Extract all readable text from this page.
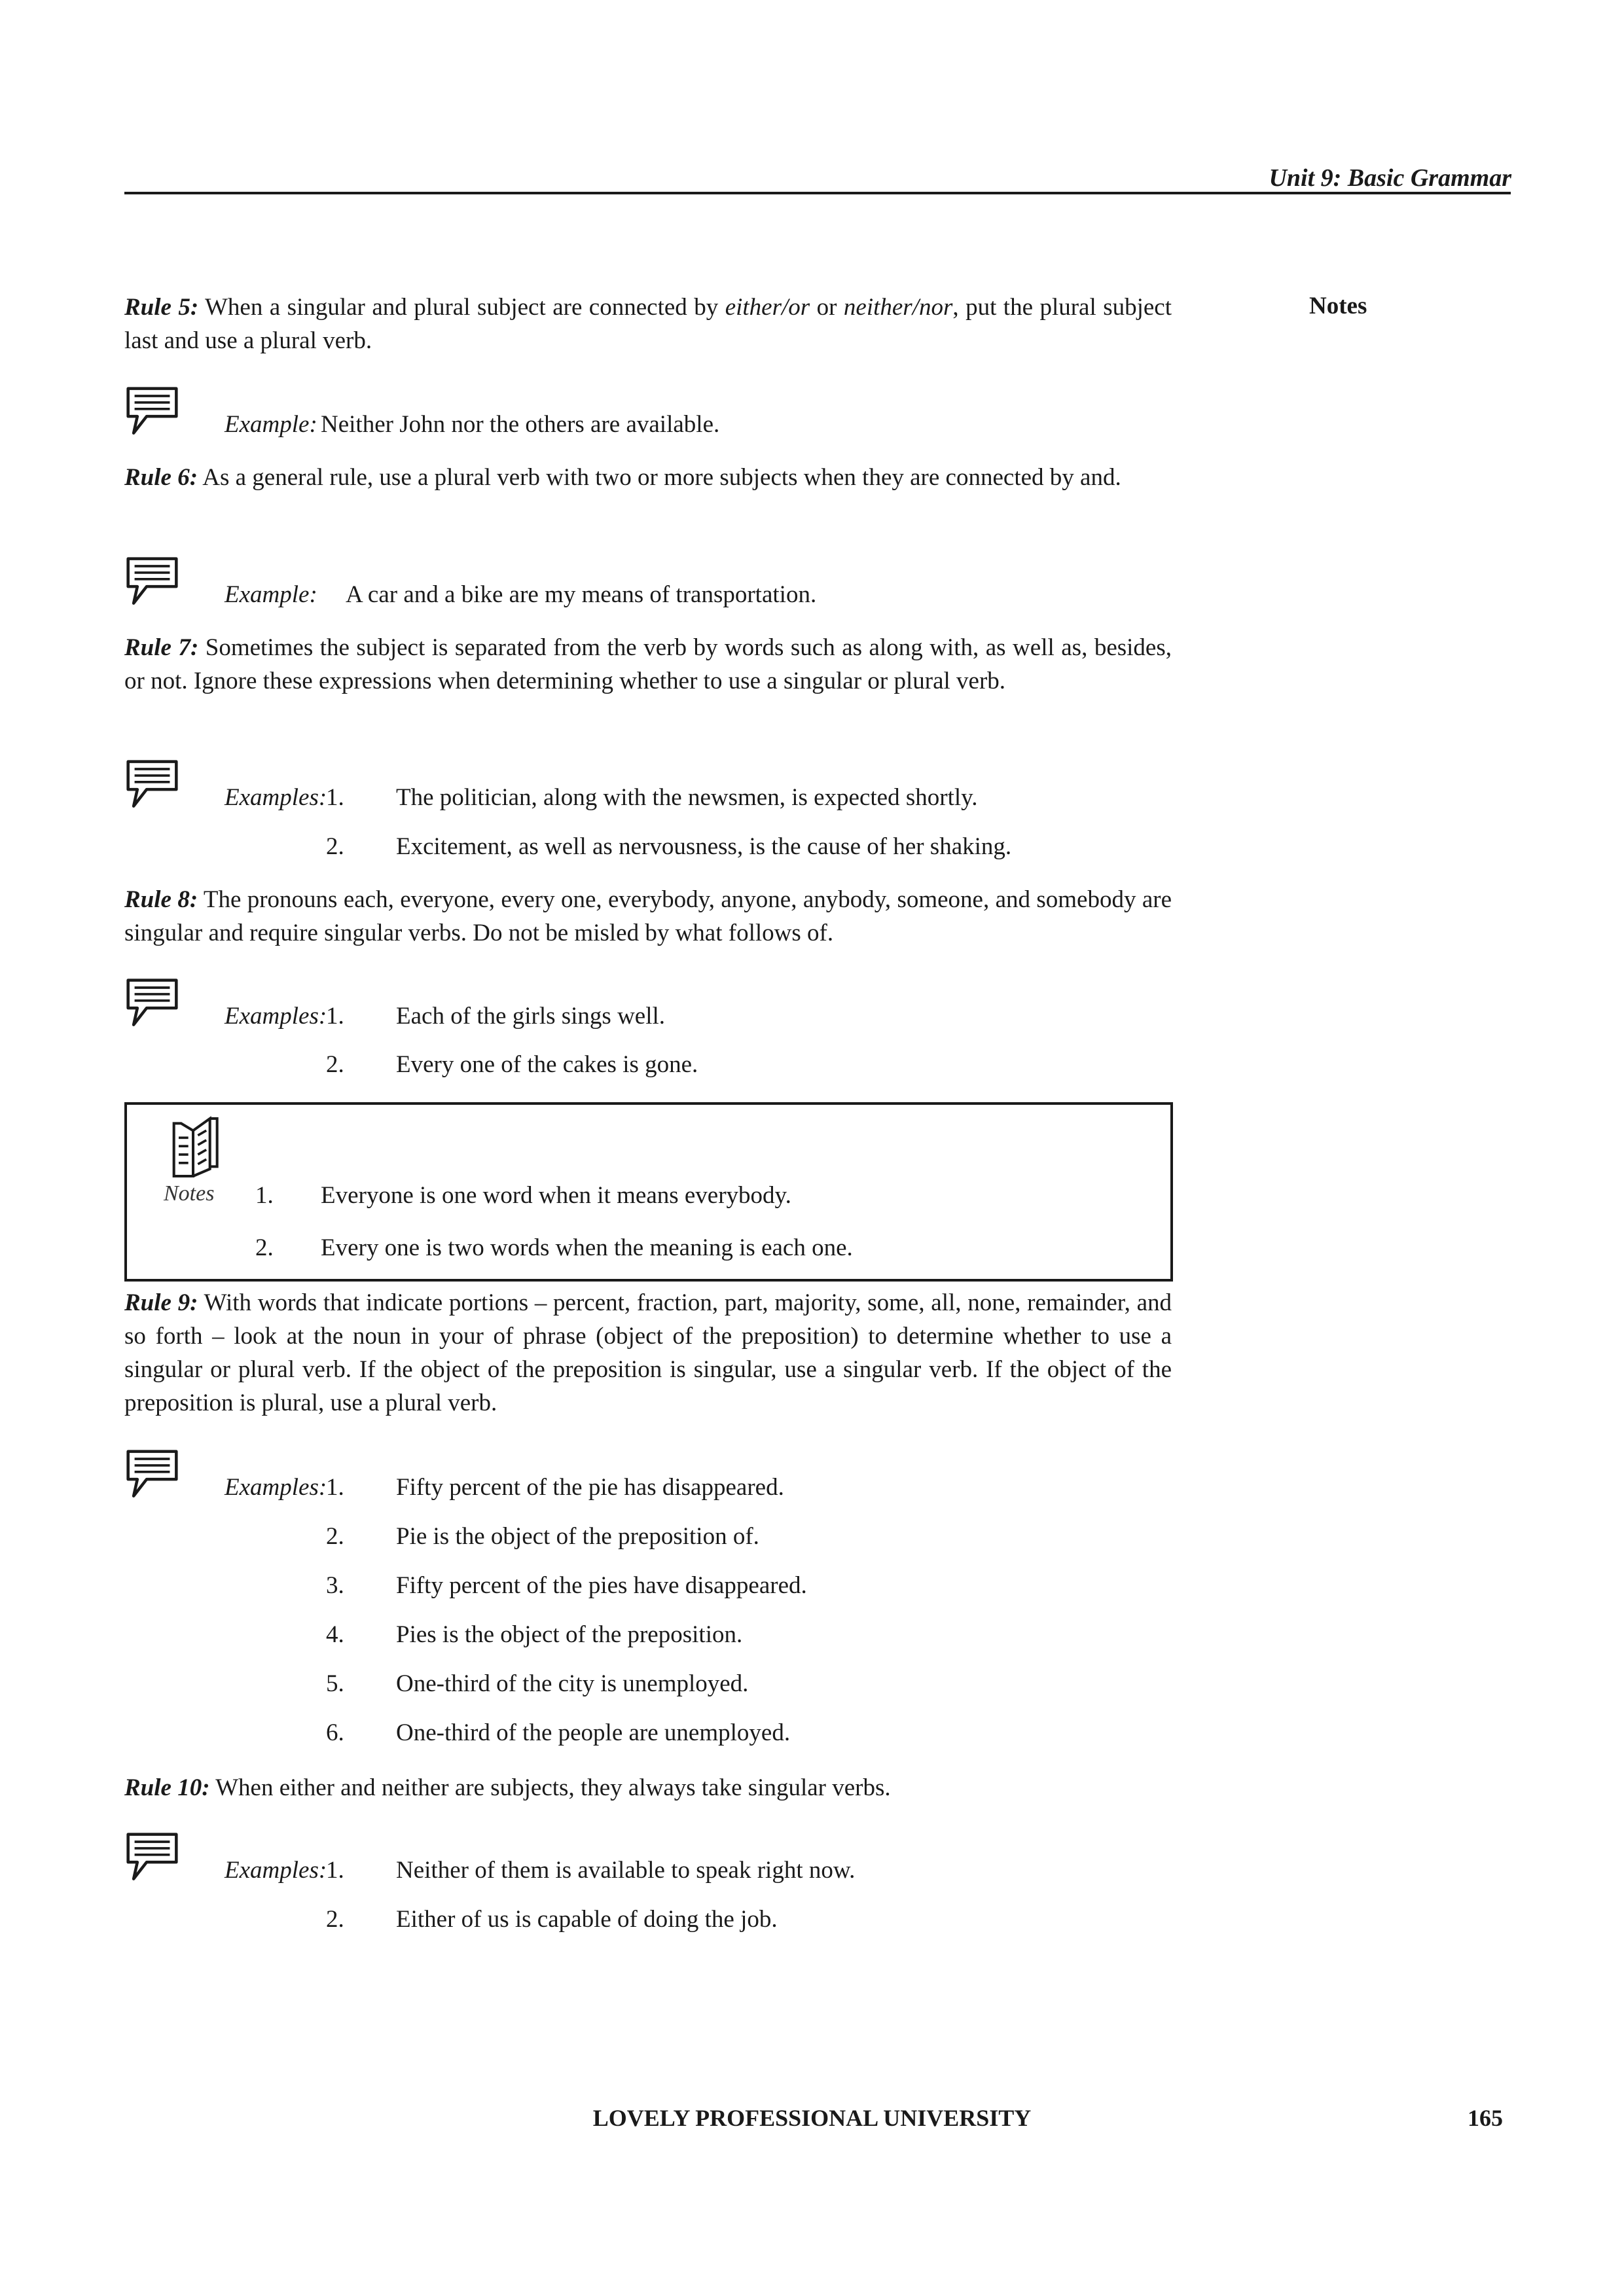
Unit 9: Basic Grammar
Notes
Rule 5: When a singular and plural subject are connected by either/or or neither/nor, put the plural subject last and use a plural verb.
Example: Neither John nor the others are available.
Rule 6: As a general rule, use a plural verb with two or more subjects when they are connected by and.
Example: A car and a bike are my means of transportation.
Rule 7: Sometimes the subject is separated from the verb by words such as along with, as well as, besides, or not. Ignore these expressions when determining whether to use a singular or plural verb.
Examples:
1. The politician, along with the newsmen, is expected shortly.
2. Excitement, as well as nervousness, is the cause of her shaking.
Rule 8: The pronouns each, everyone, every one, everybody, anyone, anybody, someone, and somebody are singular and require singular verbs. Do not be misled by what follows of.
Examples:
1. Each of the girls sings well.
2. Every one of the cakes is gone.
Notes 1. Everyone is one word when it means everybody.
2. Every one is two words when the meaning is each one.
Rule 9: With words that indicate portions – percent, fraction, part, majority, some, all, none, remainder, and so forth – look at the noun in your of phrase (object of the preposition) to determine whether to use a singular or plural verb. If the object of the preposition is singular, use a singular verb. If the object of the preposition is plural, use a plural verb.
Examples:
1. Fifty percent of the pie has disappeared.
2. Pie is the object of the preposition of.
3. Fifty percent of the pies have disappeared.
4. Pies is the object of the preposition.
5. One-third of the city is unemployed.
6. One-third of the people are unemployed.
Rule 10: When either and neither are subjects, they always take singular verbs.
Examples:
1. Neither of them is available to speak right now.
2. Either of us is capable of doing the job.
LOVELY PROFESSIONAL UNIVERSITY	165
